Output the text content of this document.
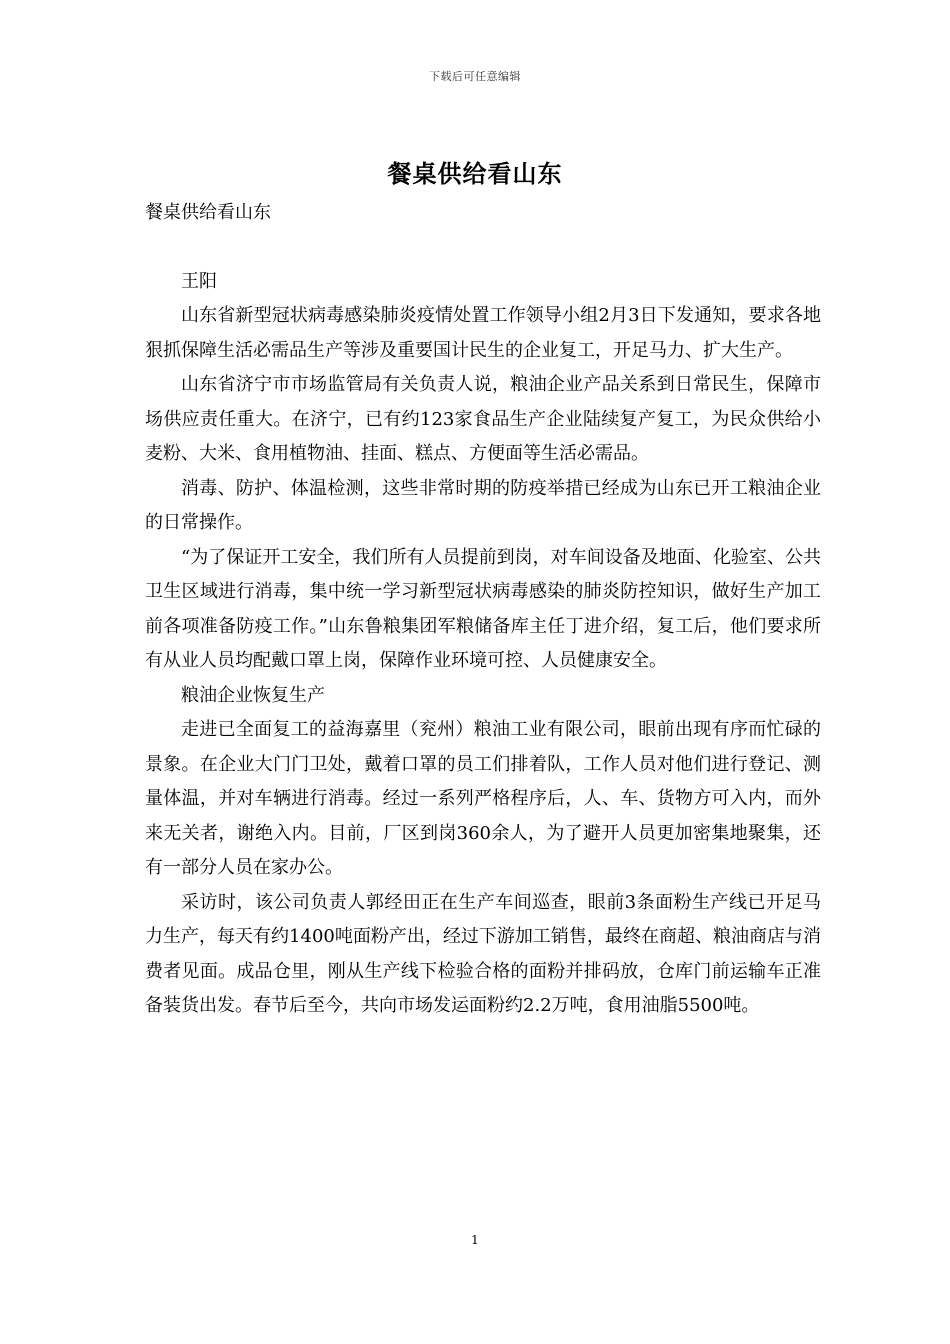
下载后可任意编辑
餐桌供给看山东

餐桌供给看山东

王阳

山东省新型冠状病毒感染肺炎疫情处置工作领导小组2月3日下发通知，要求各地狠抓保障生活必需品生产等涉及重要国计民生的企业复工，开足马力、扩大生产。

山东省济宁市市场监管局有关负责人说，粮油企业产品关系到日常民生，保障市场供应责任重大。在济宁，已有约123家食品生产企业陆续复产复工，为民众供给小麦粉、大米、食用植物油、挂面、糕点、方便面等生活必需品。

消毒、防护、体温检测，这些非常时期的防疫举措已经成为山东已开工粮油企业的日常操作。

“为了保证开工安全，我们所有人员提前到岗，对车间设备及地面、化验室、公共卫生区域进行消毒，集中统一学习新型冠状病毒感染的肺炎防控知识，做好生产加工前各项准备防疫工作。”山东鲁粮集团军粮储备库主任丁进介绍，复工后，他们要求所有从业人员均配戴口罩上岗，保障作业环境可控、人员健康安全。

粮油企业恢复生产

走进已全面复工的益海嘉里（兖州）粮油工业有限公司，眼前出现有序而忙碌的景象。在企业大门门卫处，戴着口罩的员工们排着队，工作人员对他们进行登记、测量体温，并对车辆进行消毒。经过一系列严格程序后，人、车、货物方可入内，而外来无关者，谢绝入内。目前，厂区到岗360余人，为了避开人员更加密集地聚集，还有一部分人员在家办公。

采访时，该公司负责人郭经田正在生产车间巡查，眼前3条面粉生产线已开足马力生产，每天有约1400吨面粉产出，经过下游加工销售，最终在商超、粮油商店与消费者见面。成品仓里，刚从生产线下检验合格的面粉并排码放，仓库门前运输车正准备装货出发。春节后至今，共向市场发运面粉约2.2万吨，食用油脂5500吨。

1
